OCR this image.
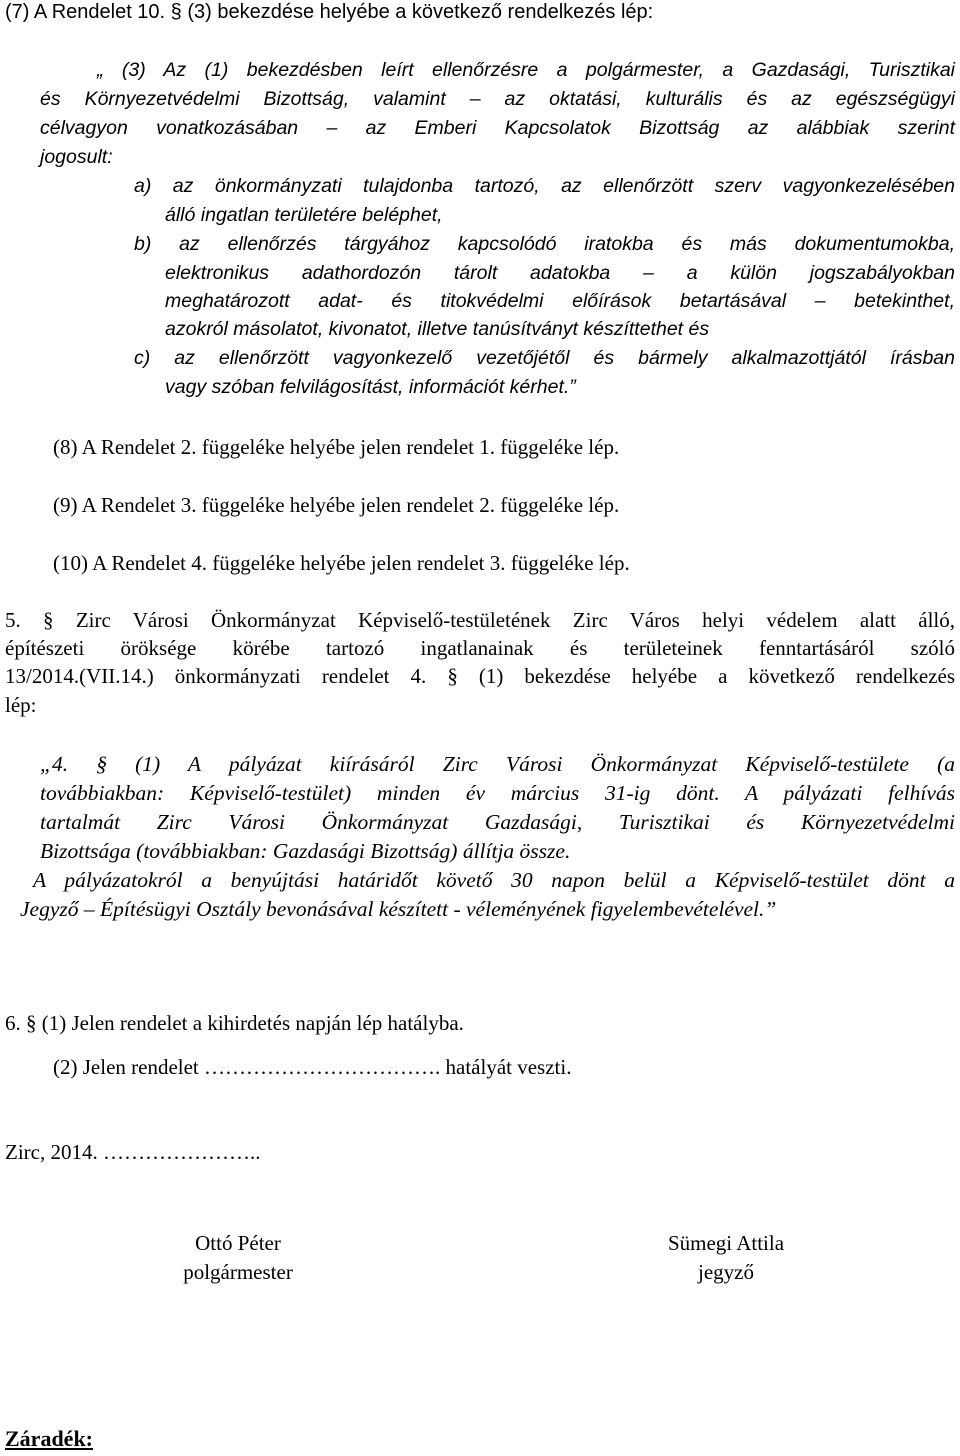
(7) A Rendelet 10. § (3) bekezdése helyébe a következő rendelkezés lép:
„ (3) Az (1) bekezdésben leírt ellenőrzésre a polgármester, a Gazdasági, Turisztikai
és Környezetvédelmi Bizottság, valamint – az oktatási, kulturális és az egészségügyi
célvagyon vonatkozásában – az Emberi Kapcsolatok Bizottság az alábbiak szerint
jogosult:
a) az önkormányzati tulajdonba tartozó, az ellenőrzött szerv vagyonkezelésében
álló ingatlan területére beléphet,
b) az ellenőrzés tárgyához kapcsolódó iratokba és más dokumentumokba,
elektronikus adathordozón tárolt adatokba – a külön jogszabályokban
meghatározott adat- és titokvédelmi előírások betartásával – betekinthet,
azokról másolatot, kivonatot, illetve tanúsítványt készíttethet és
c) az ellenőrzött vagyonkezelő vezetőjétől és bármely alkalmazottjától írásban
vagy szóban felvilágosítást, információt kérhet.”
(8) A Rendelet 2. függeléke helyébe jelen rendelet 1. függeléke lép.
(9) A Rendelet 3. függeléke helyébe jelen rendelet 2. függeléke lép.
(10) A Rendelet 4. függeléke helyébe jelen rendelet 3. függeléke lép.
5. § Zirc Városi Önkormányzat Képviselő-testületének Zirc Város helyi védelem alatt álló,
építészeti öröksége körébe tartozó ingatlanainak és területeinek fenntartásáról szóló
13/2014.(VII.14.) önkormányzati rendelet 4. § (1) bekezdése helyébe a következő rendelkezés
lép:
„4. § (1) A pályázat kiírásáról Zirc Városi Önkormányzat Képviselő-testülete (a
továbbiakban: Képviselő-testület) minden év március 31-ig dönt. A pályázati felhívás
tartalmát Zirc Városi Önkormányzat Gazdasági, Turisztikai és Környezetvédelmi
Bizottsága (továbbiakban: Gazdasági Bizottság) állítja össze.
A pályázatokról a benyújtási határidőt követő 30 napon belül a Képviselő-testület dönt a
Jegyző – Építésügyi Osztály bevonásával készített - véleményének figyelembevételével.”
6. § (1) Jelen rendelet a kihirdetés napján lép hatályba.
(2) Jelen rendelet ……………………………. hatályát veszti.
Zirc, 2014. …………………..
Ottó Péter
polgármester
Sümegi Attila
jegyző
Záradék:
